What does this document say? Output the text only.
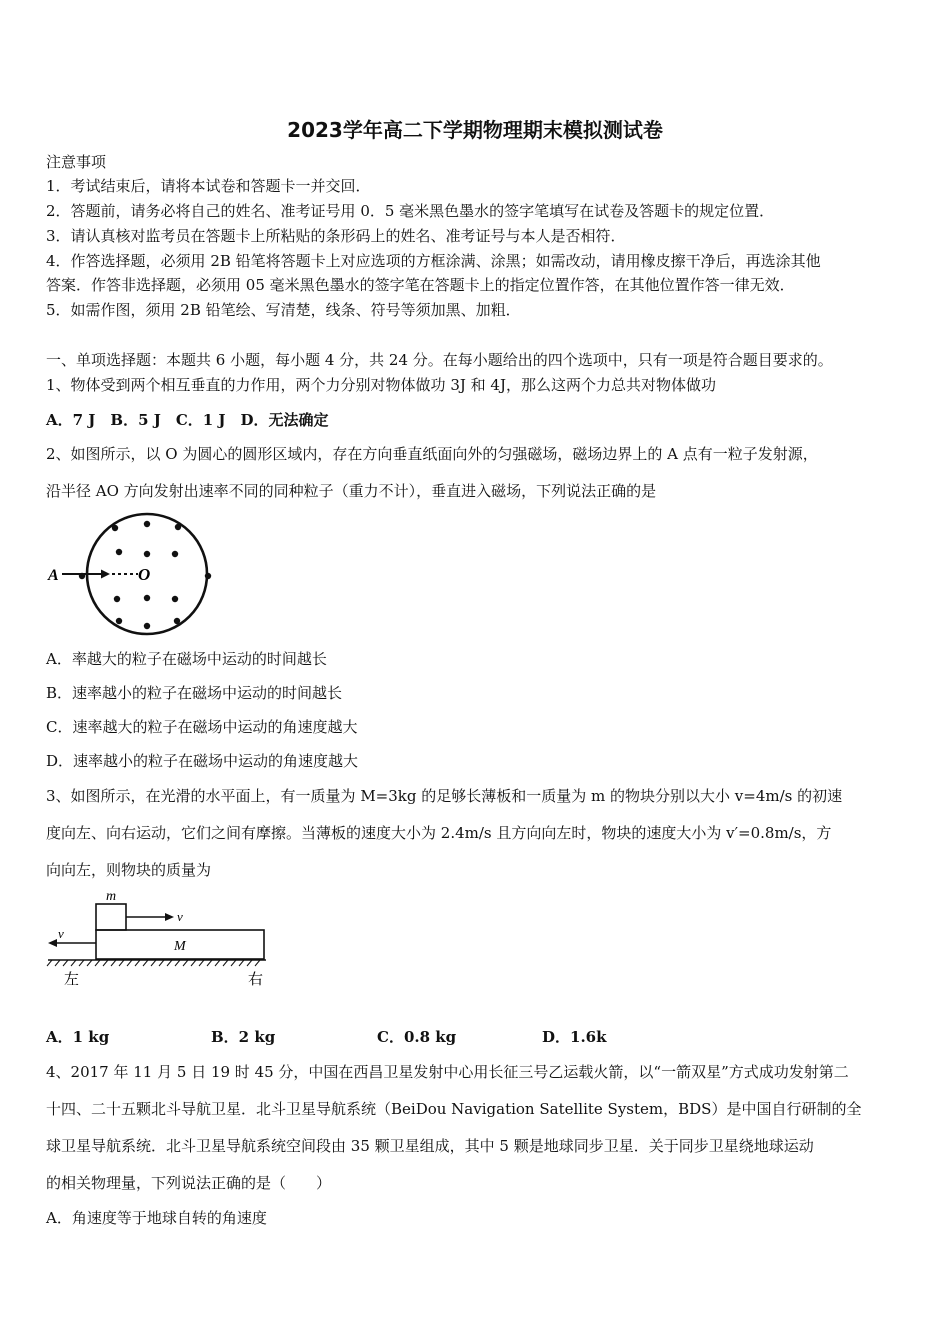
2023学年高二下学期物理期末模拟测试卷
注意事项
1．考试结束后，请将本试卷和答题卡一并交回．
2．答题前，请务必将自己的姓名、准考证号用 0．5 毫米黑色墨水的签字笔填写在试卷及答题卡的规定位置．
3．请认真核对监考员在答题卡上所粘贴的条形码上的姓名、准考证号与本人是否相符．
4．作答选择题，必须用 2B 铅笔将答题卡上对应选项的方框涂满、涂黑；如需改动，请用橡皮擦干净后，再选涂其他
答案．作答非选择题，必须用 05 毫米黑色墨水的签字笔在答题卡上的指定位置作答，在其他位置作答一律无效．
5．如需作图，须用 2B 铅笔绘、写清楚，线条、符号等须加黑、加粗．
一、单项选择题：本题共 6 小题，每小题 4 分，共 24 分。在每小题给出的四个选项中，只有一项是符合题目要求的。
1、物体受到两个相互垂直的力作用，两个力分别对物体做功 3J 和 4J，那么这两个力总共对物体做功
A．7 J　B．5 J　C．1 J　D．无法确定
2、如图所示，以 O 为圆心的圆形区域内，存在方向垂直纸面向外的匀强磁场，磁场边界上的 A 点有一粒子发射源，
沿半径 AO 方向发射出速率不同的同种粒子（重力不计），垂直进入磁场，下列说法正确的是
A	O
A．率越大的粒子在磁场中运动的时间越长
B．速率越小的粒子在磁场中运动的时间越长
C．速率越大的粒子在磁场中运动的角速度越大
D．速率越小的粒子在磁场中运动的角速度越大
3、如图所示，在光滑的水平面上，有一质量为 M=3kg 的足够长薄板和一质量为 m 的物块分别以大小 v=4m/s 的初速
度向左、向右运动，它们之间有摩擦。当薄板的速度大小为 2.4m/s 且方向向左时，物块的速度大小为 v′=0.8m/s，方
向向左，则物块的质量为
m
v
M
v
左	右
A．1 kg	B．2 kg	C．0.8 kg	D．1.6k
4、2017 年 11 月 5 日 19 时 45 分，中国在西昌卫星发射中心用长征三号乙运载火箭，以“一箭双星”方式成功发射第二
十四、二十五颗北斗导航卫星．北斗卫星导航系统（BeiDou Navigation Satellite System，BDS）是中国自行研制的全
球卫星导航系统．北斗卫星导航系统空间段由 35 颗卫星组成，其中 5 颗是地球同步卫星．关于同步卫星绕地球运动
的相关物理量，下列说法正确的是（　　）
A．角速度等于地球自转的角速度
